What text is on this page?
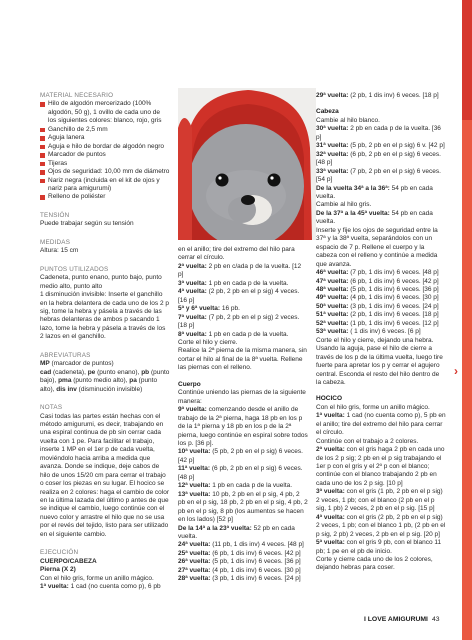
MATERIAL NECESARIO
Hilo de algodón mercerizado (100% algodón, 50 g), 1 ovillo de cada uno de los siguientes colores: blanco, rojo, gris
Ganchillo de 2,5 mm
Aguja lanera
Aguja e hilo de bordar de algodón negro
Marcador de puntos
Tijeras
Ojos de seguridad: 10,00 mm de diámetro
Nariz negra (incluida en el kit de ojos y nariz para amigurumi)
Relleno de poliéster
TENSIÓN
Puede trabajar según su tensión
MEDIDAS
Altura: 15 cm
PUNTOS UTILIZADOS
Cadeneta, punto enano, punto bajo, punto medio alto, punto alto
1 disminución invisible: Inserte el ganchillo en la hebra delantera de cada uno de los 2 p sig, tome la hebra y pásela a través de las hebras delanteras de ambos p sacando 1 lazo, tome la hebra y pásela a través de los 2 lazos en el ganchillo.
ABREVIATURAS
MP (marcador de puntos)
cad (cadeneta), pe (punto enano), pb (punto bajo), pma (punto medio alto), pa (punto alto), dis inv (disminución invisible)
NOTAS
Casi todas las partes están hechas con el método amigurumi, es decir, trabajando en una espiral continua de pb sin cerrar cada vuelta con 1 pe. Para facilitar el trabajo, inserte 1 MP en el 1er p de cada vuelta, moviéndolo hacia arriba a medida que avanza. Donde se indique, deje cabos de hilo de unos 15/20 cm para cerrar el trabajo o coser los piezas en su lugar. El hocico se realiza en 2 colores: haga el cambio de color en la última lazada del último p antes de que se indique el cambio, luego continúe con el nuevo color y arrastre el hilo que no se usa por el revés del tejido, listo para ser utilizado en el siguiente cambio.
EJECUCIÓN
CUERPO/CABEZA
Pierna (X 2)
Con el hilo gris, forme un anillo mágico.
1ª vuelta: 1 cad (no cuenta como p), 6 pb
en el anillo; tire del extremo del hilo para cerrar el círculo.
2ª vuelta: 2 pb en c/ada p de la vuelta. [12 p]
3ª vuelta: 1 pb en cada p de la vuelta.
4ª vuelta: (2 pb, 2 pb en el p sig) 4 veces. [16 p]
5ª y 6ª vuelta: 16 pb.
7ª vuelta: (7 pb, 2 pb en el p sig) 2 veces. [18 p]
8ª vuelta: 1 pb en cada p de la vuelta.
Corte el hilo y cierre.
Realice la 2ª pierna de la misma manera, sin cortar el hilo al final de la 8ª vuelta. Rellene las piernas con el relleno.
Cuerpo
Continúe uniendo las piernas de la siguiente manera:
9ª vuelta: comenzando desde el anillo de trabajo de la 2ª pierna, haga 18 pb en los p de la 1ª pierna y 18 pb en los p de la 2ª pierna, luego continúe en espiral sobre todos los p. [36 p].
10ª vuelta: (5 pb, 2 pb en el p sig) 6 veces. [42 p]
11ª vuelta: (6 pb, 2 pb en el p sig) 6 veces. [48 p]
12ª vuelta: 1 pb en cada p de la vuelta.
13ª vuelta: 10 pb, 2 pb en el p sig, 4 pb, 2 pb en el p sig, 18 pb, 2 pb en el p sig, 4 pb, 2 pb en el p sig, 8 pb (los aumentos se hacen en los lados) [52 p]
De la 14ª a la 23ª vuelta: 52 pb en cada vuelta.
24ª vuelta: (11 pb, 1 dis inv) 4 veces. [48 p]
25ª vuelta: (6 pb, 1 dis inv) 6 veces. [42 p]
26ª vuelta: (5 pb, 1 dis inv) 6 veces. [36 p]
27ª vuelta: (4 pb, 1 dis inv) 6 veces. [30 p]
28ª vuelta: (3 pb, 1 dis inv) 6 veces. [24 p]
29ª vuelta: (2 pb, 1 dis inv) 6 veces. [18 p]
Cabeza
Cambie al hilo blanco.
30ª vuelta: 2 pb en cada p de la vuelta. [36 p]
31ª vuelta: (5 pb, 2 pb en el p sig) 6 v. [42 p]
32ª vuelta: (6 pb, 2 pb en el p sig) 6 veces. [48 p]
33ª vuelta: (7 pb, 2 pb en el p sig) 6 veces. [54 p]
De la vuelta 34ª a la 36ª: 54 pb en cada vuelta.
Cambie al hilo gris.
De la 37ª a la 45ª vuelta: 54 pb en cada vuelta.
Inserte y fije los ojos de seguridad entre la 37ª y la 38ª vuelta, separándolos con un espacio de 7 p. Rellene el cuerpo y la cabeza con el relleno y continúe a medida que avanza.
46ª vuelta: (7 pb, 1 dis inv) 6 veces. [48 p]
47ª vuelta: (6 pb, 1 dis inv) 6 veces. [42 p]
48ª vuelta: (5 pb, 1 dis inv) 6 veces. [36 p]
49ª vuelta: (4 pb, 1 dis inv) 6 veces. [30 p]
50ª vuelta: (3 pb, 1 dis inv) 6 veces. [24 p]
51ª vuelta: (2 pb, 1 dis inv) 6 veces. [18 p]
52ª vuelta: (1 pb, 1 dis inv) 6 veces. [12 p]
53ª vuelta: ( 1 dis inv) 6 veces. [6 p]
Corte el hilo y cierre, dejando una hebra. Usando la aguja, pase el hilo de cierre a través de los p de la última vuelta, luego tire fuerte para apretar los p y cerrar el agujero central. Esconda el resto del hilo dentro de la cabeza.
HOCICO
Con el hilo gris, forme un anillo mágico.
1ª vuelta: 1 cad (no cuenta como p), 5 pb en el anillo; tire del extremo del hilo para cerrar el círculo.
Continúe con el trabajo a 2 colores.
2ª vuelta: con el gris haga 2 pb en cada uno de los 2 p sig; 2 pb en el p sig trabajando el 1er p con el gris y el 2º p con el blanco; continúe con el blanco trabajando 2 pb en cada uno de los 2 p sig. [10 p]
3ª vuelta: con el gris (1 pb, 2 pb en el p sig) 2 veces, 1 pb; con el blanco (2 pb en el p sig, 1 pb) 2 veces, 2 pb en el p sig. [15 p]
4ª vuelta: con el gris (2 pb, 2 pb en el p sig) 2 veces, 1 pb; con el blanco 1 pb, (2 pb en el p sig, 2 pb) 2 veces, 2 pb en el p sig. [20 p]
5ª vuelta: con el gris 9 pb, con el blanco 11 pb; 1 pe en el pb de inicio.
Corte y cierre cada uno de los 2 colores, dejando hebras para coser.
›
I LOVE AMIGURUMI 43
